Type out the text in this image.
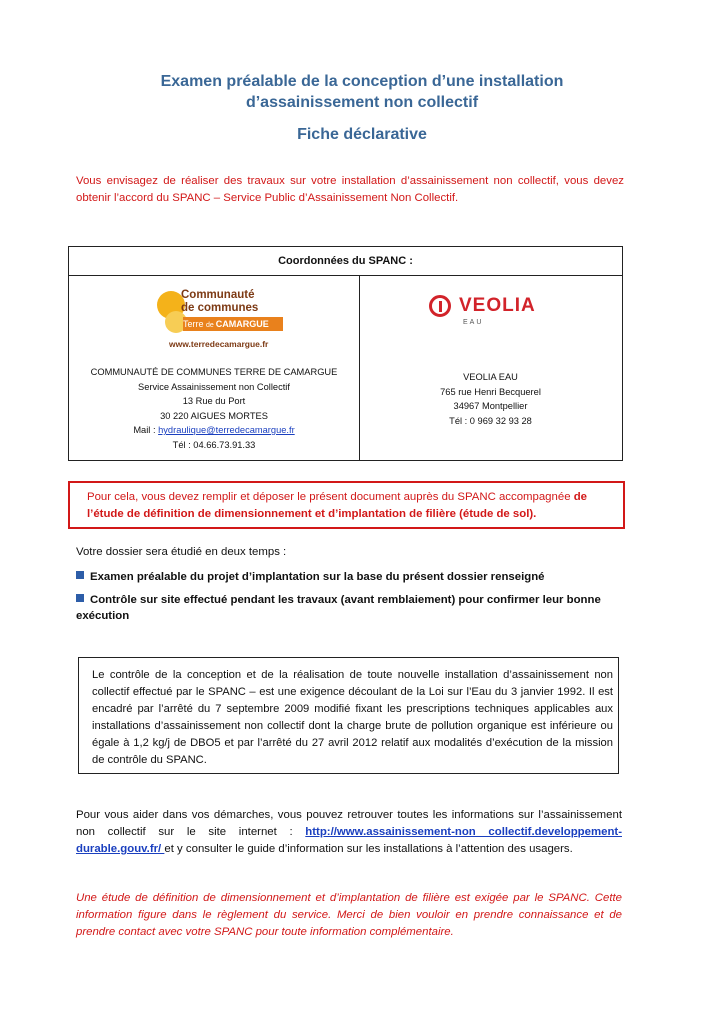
Examen préalable de la conception d’une installation
d’assainissement non collectif
Fiche déclarative
Vous envisagez de réaliser des travaux sur votre installation d’assainissement non collectif, vous devez obtenir l’accord du SPANC – Service Public d’Assainissement Non Collectif.
Coordonnées du SPANC :
Communauté
de communes
Terre de CAMARGUE
www.terredecamargue.fr
COMMUNAUTÉ DE COMMUNES TERRE DE CAMARGUE
Service Assainissement non Collectif
13 Rue du Port
30 220 AIGUES MORTES
Mail : hydraulique@terredecamargue.fr
Tél : 04.66.73.91.33
VEOLIA
EAU
VEOLIA EAU
765 rue Henri Becquerel
34967 Montpellier
Tél : 0 969 32 93 28
Pour cela, vous devez remplir et déposer le présent document auprès du SPANC accompagnée de l’étude de définition de dimensionnement et d’implantation de filière (étude de sol).
Votre dossier sera étudié en deux temps :
Examen préalable du projet d’implantation sur la base du présent dossier renseigné
Contrôle sur site effectué pendant les travaux (avant remblaiement) pour confirmer leur bonne exécution
Le contrôle de la conception et de la réalisation de toute nouvelle installation d’assainissement non collectif effectué par le SPANC – est une exigence découlant de la Loi sur l’Eau du 3 janvier 1992. Il est encadré par l’arrêté du 7 septembre 2009 modifié fixant les prescriptions techniques applicables aux installations d’assainissement non collectif dont la charge brute de pollution organique est inférieure ou égale à 1,2 kg/j de DBO5 et par l’arrêté du 27 avril 2012 relatif aux modalités d’exécution de la mission de contrôle du SPANC.
Pour vous aider dans vos démarches, vous pouvez retrouver toutes les informations sur l’assainissement non collectif sur le site internet : http://www.assainissement-non collectif.developpement-durable.gouv.fr/ et y consulter le guide d’information sur les installations à l’attention des usagers.
Une étude de définition de dimensionnement et d’implantation de filière est exigée par le SPANC. Cette information figure dans le règlement du service. Merci de bien vouloir en prendre connaissance et de prendre contact avec votre SPANC pour toute information complémentaire.
